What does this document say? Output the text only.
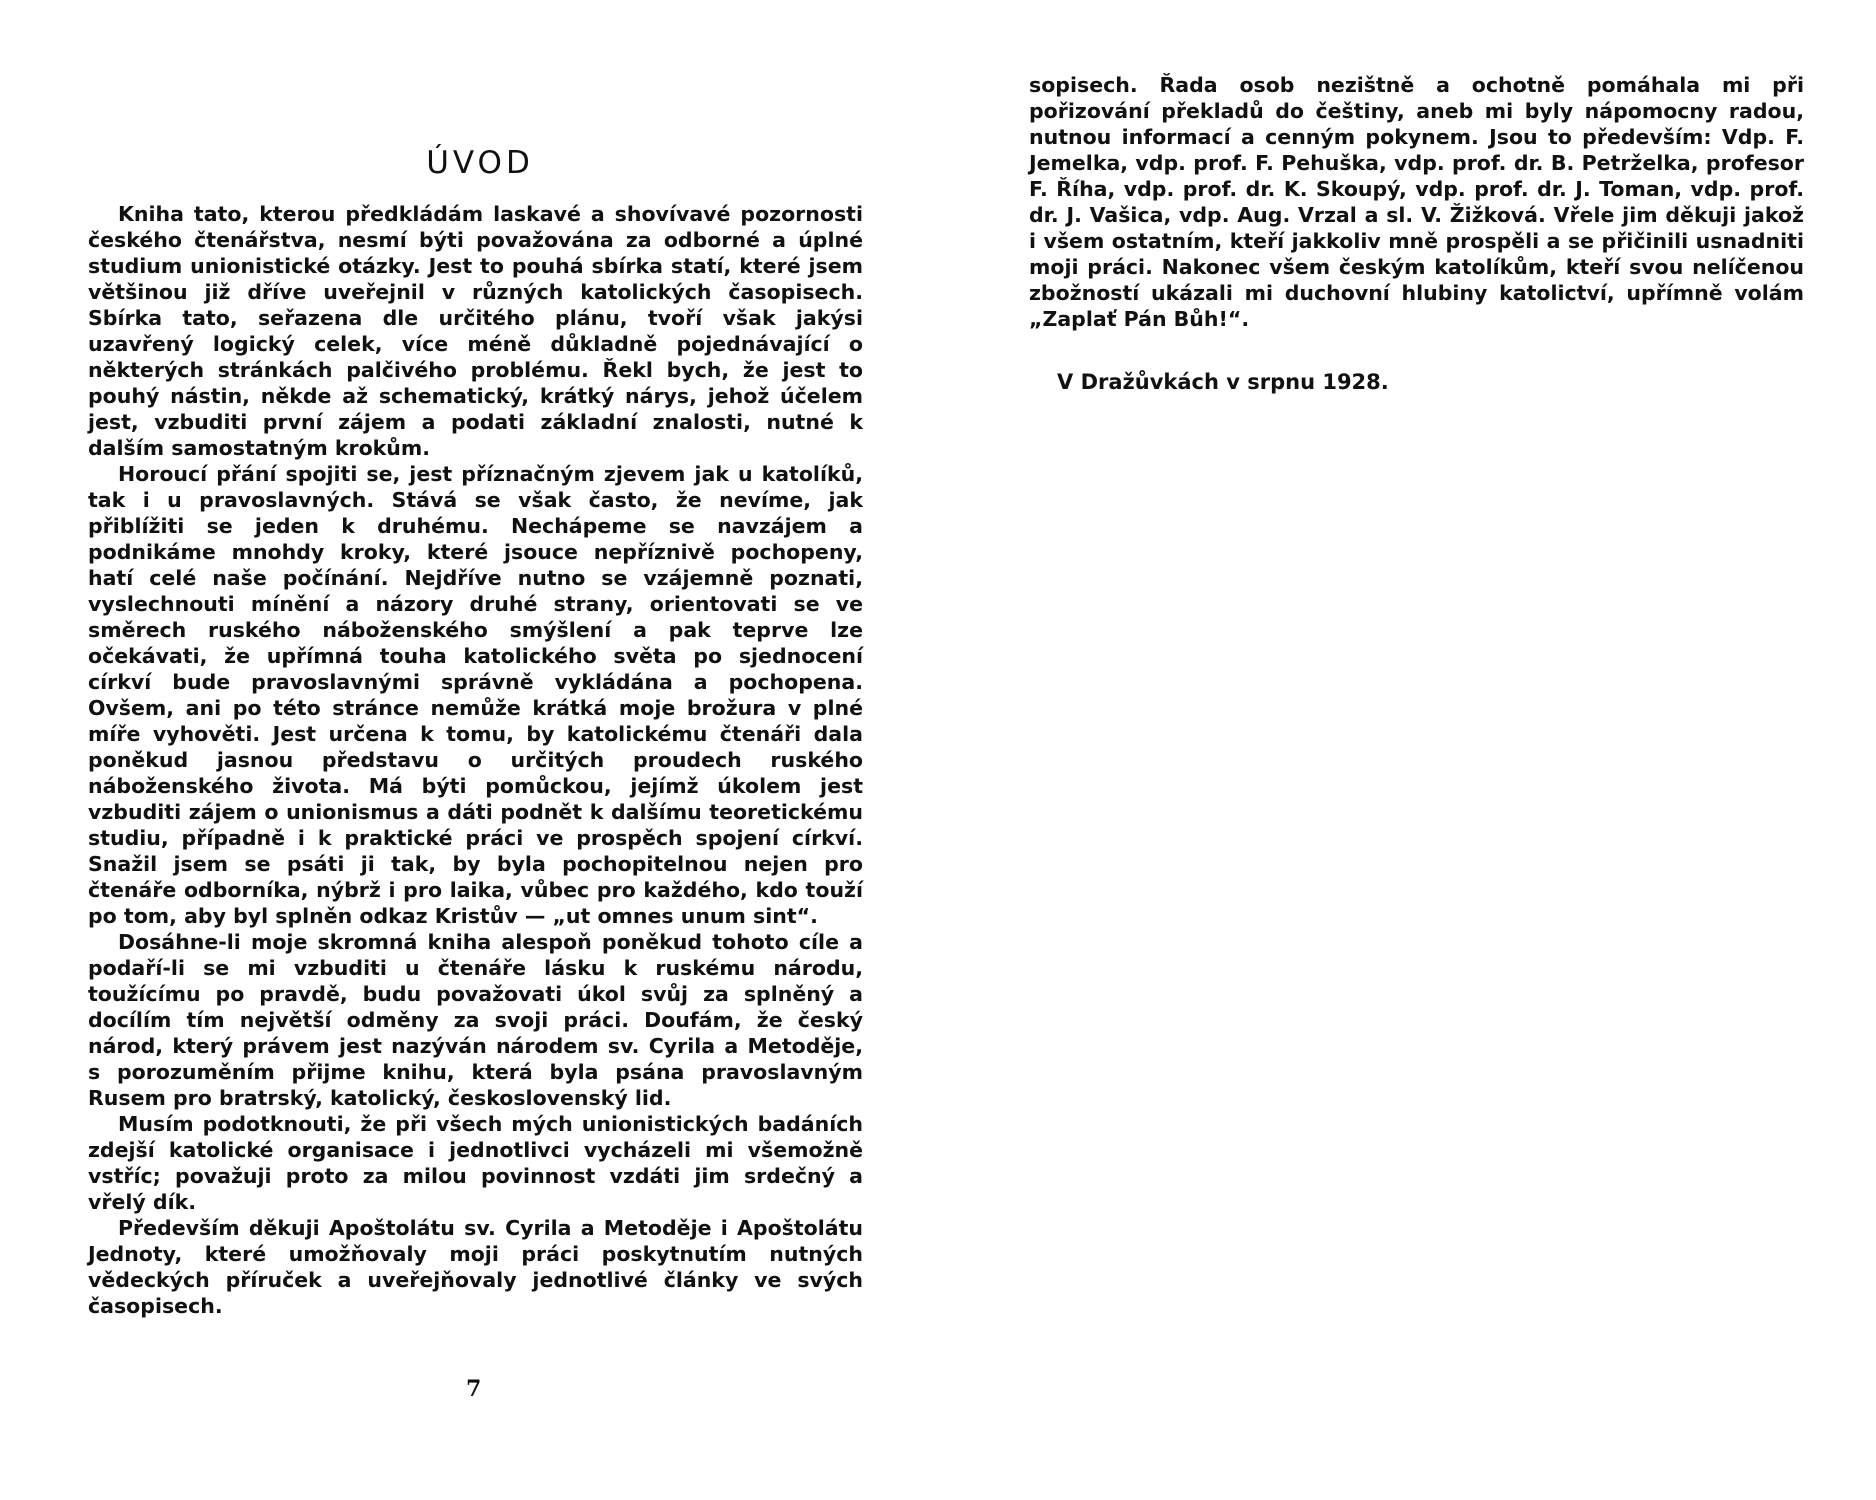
ÚVOD

Kniha tato, kterou předkládám laskavé a shovívavé pozornosti českého čtenářstva, nesmí býti považována za odborné a úplné studium unionistické otázky. Jest to pouhá sbírka statí, které jsem většinou již dříve uveřejnil v různých katolických časopisech. Sbírka tato, seřazena dle určitého plánu, tvoří však jakýsi uzavřený logický celek, více méně důkladně pojednávající o některých stránkách palčivého problému. Řekl bych, že jest to pouhý nástin, někde až schematický, krátký nárys, jehož účelem jest, vzbuditi první zájem a podati základní znalosti, nutné k dalším samostatným krokům.

Horoucí přání spojiti se, jest příznačným zjevem jak u katolíků, tak i u pravoslavných. Stává se však často, že nevíme, jak přiblížiti se jeden k druhému. Nechápeme se navzájem a podnikáme mnohdy kroky, které jsouce nepříznivě pochopeny, hatí celé naše počínání. Nejdříve nutno se vzájemně poznati, vyslechnouti mínění a názory druhé strany, orientovati se ve směrech ruského náboženského smýšlení a pak teprve lze očekávati, že upřímná touha katolického světa po sjednocení církví bude pravoslavnými správně vykládána a pochopena. Ovšem, ani po této stránce nemůže krátká moje brožura v plné míře vyhověti. Jest určena k tomu, by katolickému čtenáři dala poněkud jasnou představu o určitých proudech ruského náboženského života. Má býti pomůckou, jejímž úkolem jest vzbuditi zájem o unionismus a dáti podnět k dalšímu teoretickému studiu, případně i k praktické práci ve prospěch spojení církví. Snažil jsem se psáti ji tak, by byla pochopitelnou nejen pro čtenáře odborníka, nýbrž i pro laika, vůbec pro každého, kdo touží po tom, aby byl splněn odkaz Kristův — „ut omnes unum sint“.

Dosáhne-li moje skromná kniha alespoň poněkud tohoto cíle a podaří-li se mi vzbuditi u čtenáře lásku k ruskému národu, toužícímu po pravdě, budu považovati úkol svůj za splněný a docílím tím největší odměny za svoji práci. Doufám, že český národ, který právem jest nazýván národem sv. Cyrila a Metoděje, s porozuměním přijme knihu, která byla psána pravoslavným Rusem pro bratrský, katolický, československý lid.

Musím podotknouti, že při všech mých unionistických badáních zdejší katolické organisace i jednotlivci vycházeli mi všemožně vstříc; považuji proto za milou povinnost vzdáti jim srdečný a vřelý dík.

Především děkuji Apoštolátu sv. Cyrila a Metoděje i Apoštolátu Jednoty, které umožňovaly moji práci poskytnutím nutných vědeckých příruček a uveřejňovaly jednotlivé články ve svých časopisech.

7

sopisech. Řada osob nezištně a ochotně pomáhala mi při pořizování překladů do češtiny, aneb mi byly nápomocny radou, nutnou informací a cenným pokynem. Jsou to především: Vdp. F. Jemelka, vdp. prof. F. Pehuška, vdp. prof. dr. B. Petrželka, profesor F. Říha, vdp. prof. dr. K. Skoupý, vdp. prof. dr. J. Toman, vdp. prof. dr. J. Vašica, vdp. Aug. Vrzal a sl. V. Žižková. Vřele jim děkuji jakož i všem ostatním, kteří jakkoliv mně prospěli a se přičinili usnadniti moji práci. Nakonec všem českým katolíkům, kteří svou nelíčenou zbožností ukázali mi duchovní hlubiny katolictví, upřímně volám „Zaplať Pán Bůh!“.

V Dražůvkách v srpnu 1928.
